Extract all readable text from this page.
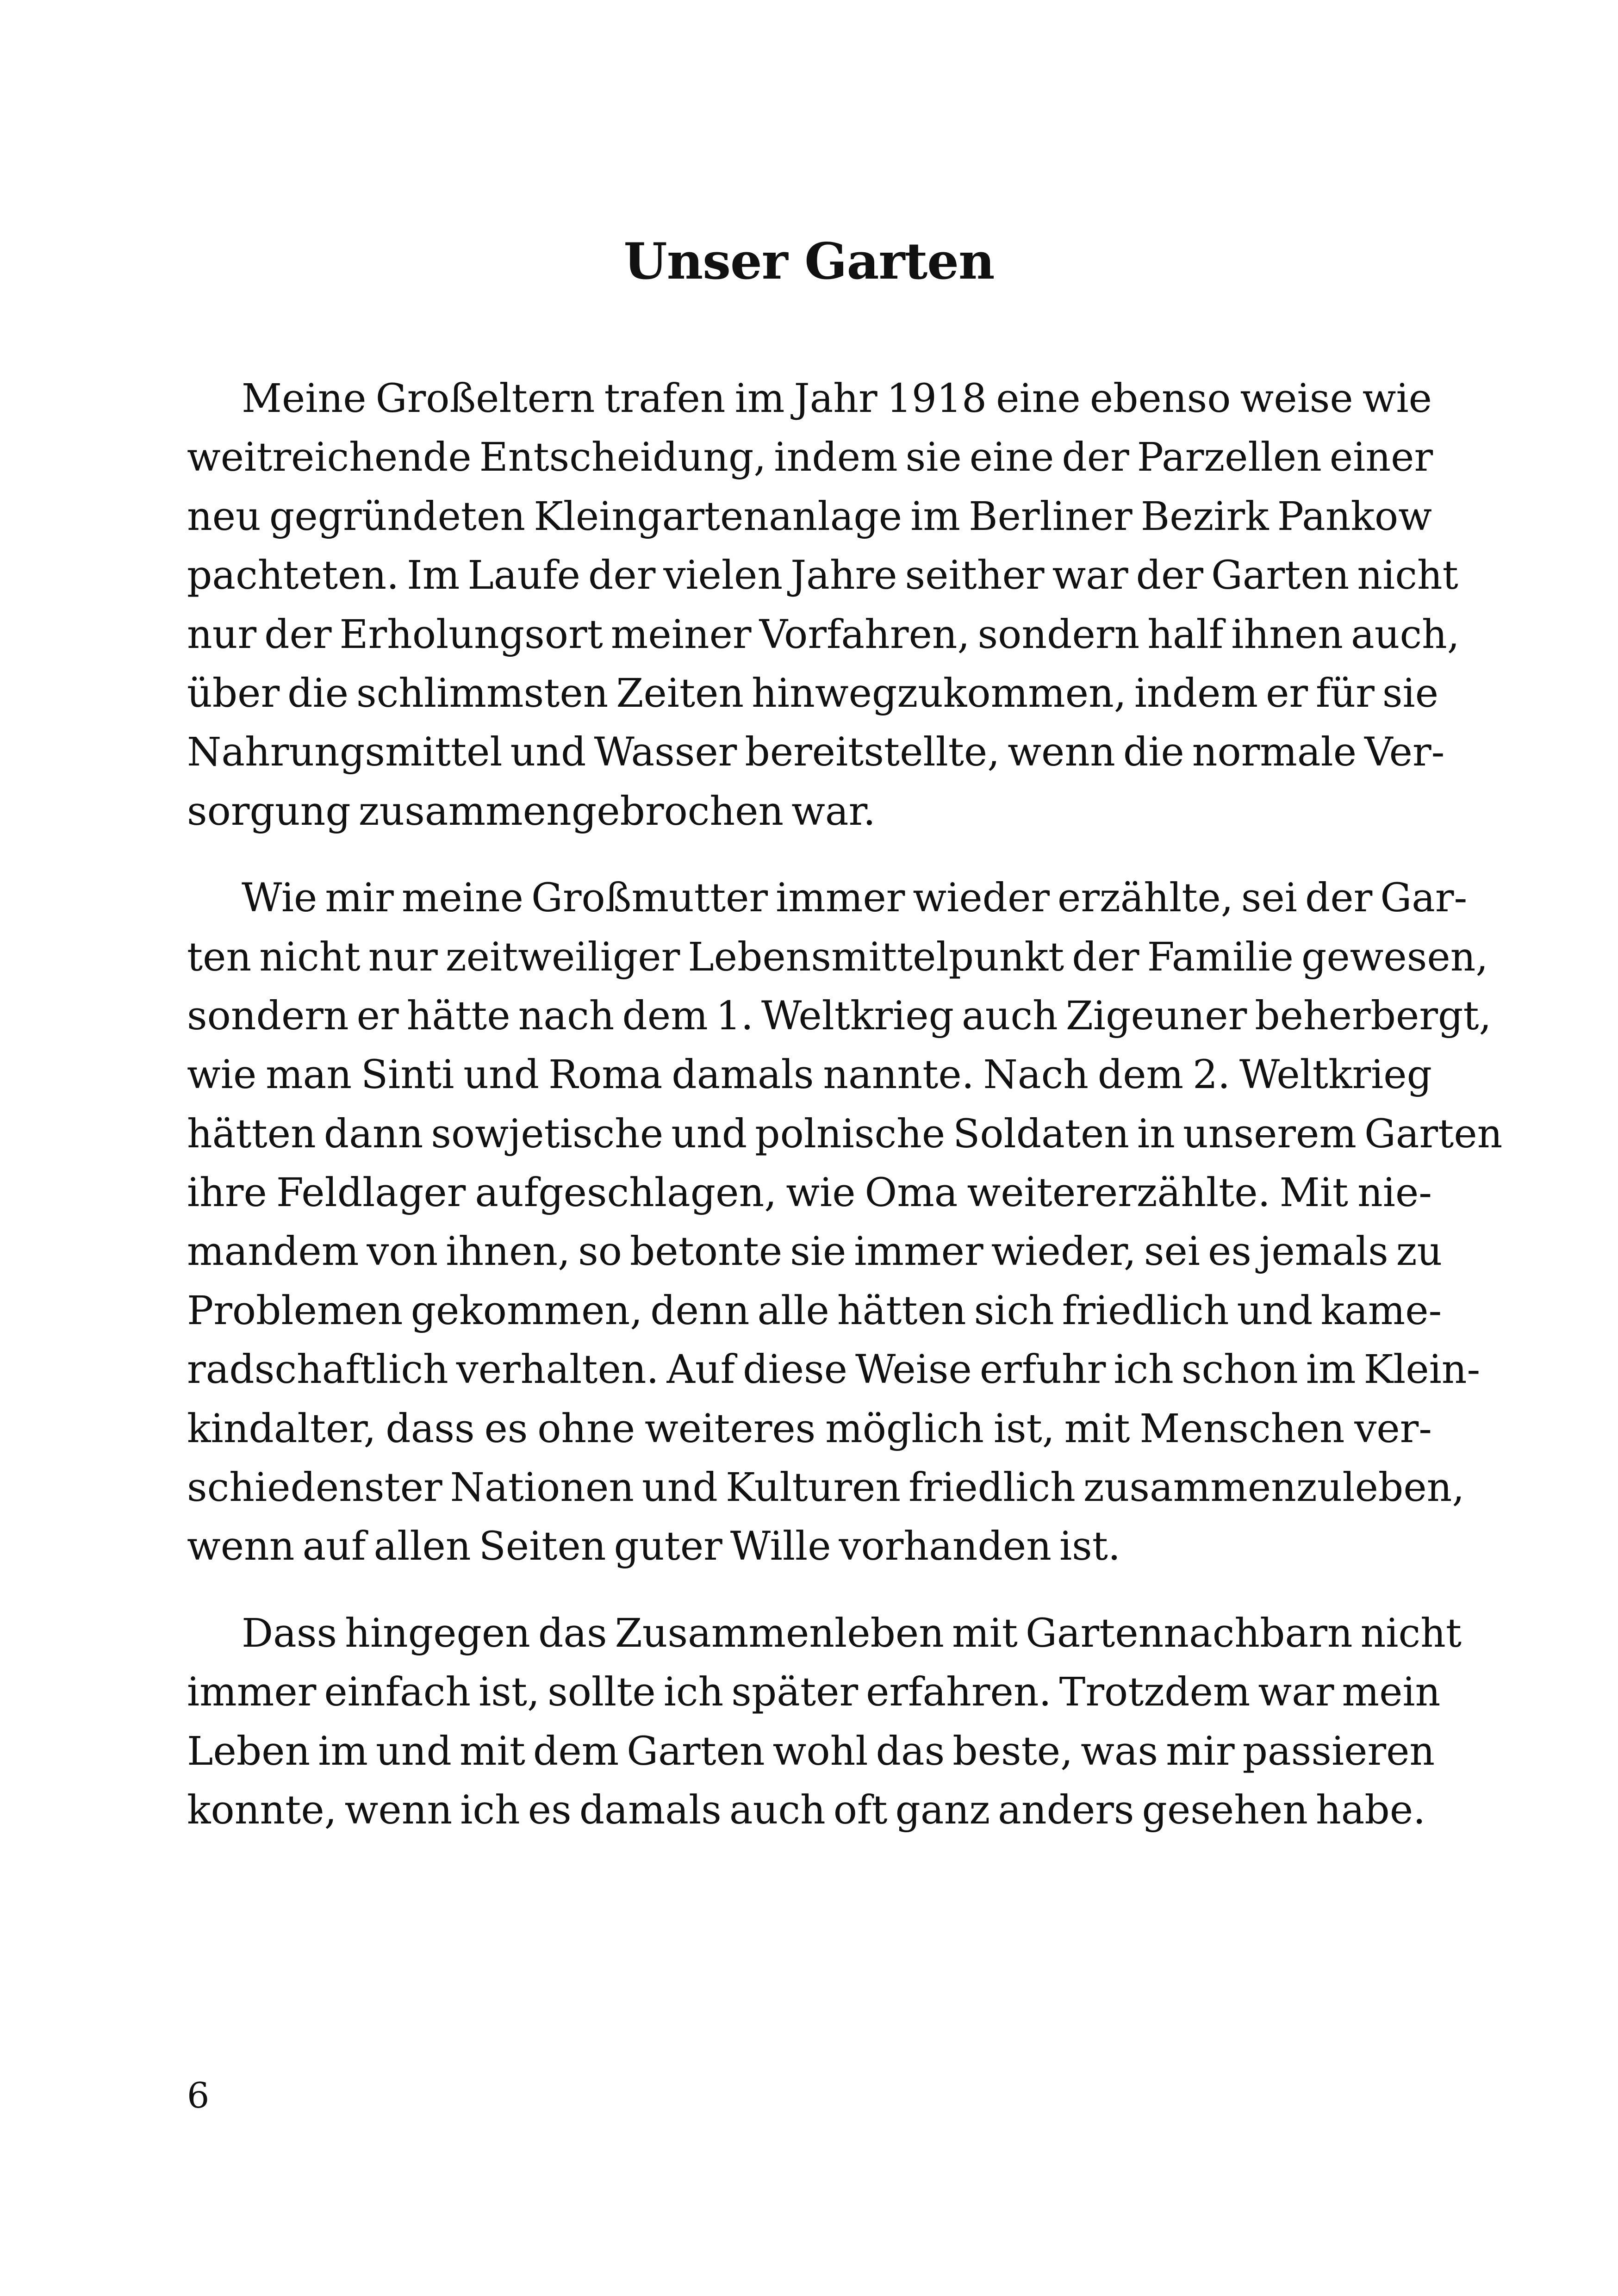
Unser Garten

Meine Großeltern trafen im Jahr 1918 eine ebenso weise wie
weitreichende Entscheidung, indem sie eine der Parzellen einer
neu gegründeten Kleingartenanlage im Berliner Bezirk Pankow
pachteten. Im Laufe der vielen Jahre seither war der Garten nicht
nur der Erholungsort meiner Vorfahren, sondern half ihnen auch,
über die schlimmsten Zeiten hinwegzukommen, indem er für sie
Nahrungsmittel und Wasser bereitstellte, wenn die normale Ver-
sorgung zusammengebrochen war.

Wie mir meine Großmutter immer wieder erzählte, sei der Gar-
ten nicht nur zeitweiliger Lebensmittelpunkt der Familie gewesen,
sondern er hätte nach dem 1. Weltkrieg auch Zigeuner beherbergt,
wie man Sinti und Roma damals nannte. Nach dem 2. Weltkrieg
hätten dann sowjetische und polnische Soldaten in unserem Garten
ihre Feldlager aufgeschlagen, wie Oma weitererzählte. Mit nie-
mandem von ihnen, so betonte sie immer wieder, sei es jemals zu
Problemen gekommen, denn alle hätten sich friedlich und kame-
radschaftlich verhalten. Auf diese Weise erfuhr ich schon im Klein-
kindalter, dass es ohne weiteres möglich ist, mit Menschen ver-
schiedenster Nationen und Kulturen friedlich zusammenzuleben,
wenn auf allen Seiten guter Wille vorhanden ist.

Dass hingegen das Zusammenleben mit Gartennachbarn nicht
immer einfach ist, sollte ich später erfahren. Trotzdem war mein
Leben im und mit dem Garten wohl das beste, was mir passieren
konnte, wenn ich es damals auch oft ganz anders gesehen habe.

6
